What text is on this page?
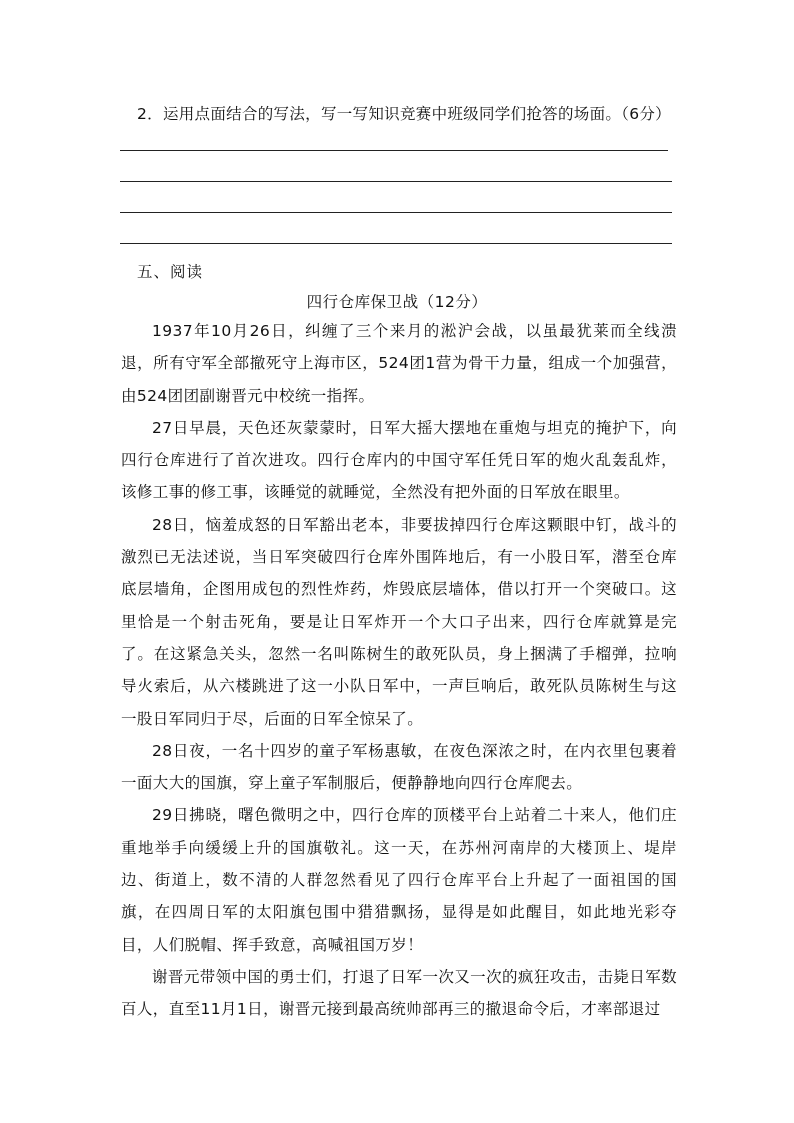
2．运用点面结合的写法，写一写知识竞赛中班级同学们抢答的场面。（6分）
五、阅读
四行仓库保卫战（12分）

1937年10月26日，纠缠了三个来月的淞沪会战，以虽最犹莱而全线溃退，所有守军全部撤死守上海市区，524团1营为骨干力量，组成一个加强营，由524团团副谢晋元中校统一指挥。

27日早晨，天色还灰蒙蒙时，日军大摇大摆地在重炮与坦克的掩护下，向四行仓库进行了首次进攻。四行仓库内的中国守军任凭日军的炮火乱轰乱炸，该修工事的修工事，该睡觉的就睡觉，全然没有把外面的日军放在眼里。

28日，恼羞成怒的日军豁出老本，非要拔掉四行仓库这颗眼中钉，战斗的激烈已无法述说，当日军突破四行仓库外围阵地后，有一小股日军，潜至仓库底层墙角，企图用成包的烈性炸药，炸毁底层墙体，借以打开一个突破口。这里恰是一个射击死角，要是让日军炸开一个大口子出来，四行仓库就算是完了。在这紧急关头，忽然一名叫陈树生的敢死队员，身上捆满了手榴弹，拉响导火索后，从六楼跳进了这一小队日军中，一声巨响后，敢死队员陈树生与这一股日军同归于尽，后面的日军全惊呆了。

28日夜，一名十四岁的童子军杨惠敏，在夜色深浓之时，在内衣里包裹着一面大大的国旗，穿上童子军制服后，便静静地向四行仓库爬去。

29日拂晓，曙色微明之中，四行仓库的顶楼平台上站着二十来人，他们庄重地举手向缓缓上升的国旗敬礼。这一天，在苏州河南岸的大楼顶上、堤岸边、街道上，数不清的人群忽然看见了四行仓库平台上升起了一面祖国的国旗，在四周日军的太阳旗包围中猎猎飘扬，显得是如此醒目，如此地光彩夺目，人们脱帽、挥手致意，高喊祖国万岁！

谢晋元带领中国的勇士们，打退了日军一次又一次的疯狂攻击，击毙日军数百人，直至11月1日，谢晋元接到最高统帅部再三的撤退命令后，才率部退过
